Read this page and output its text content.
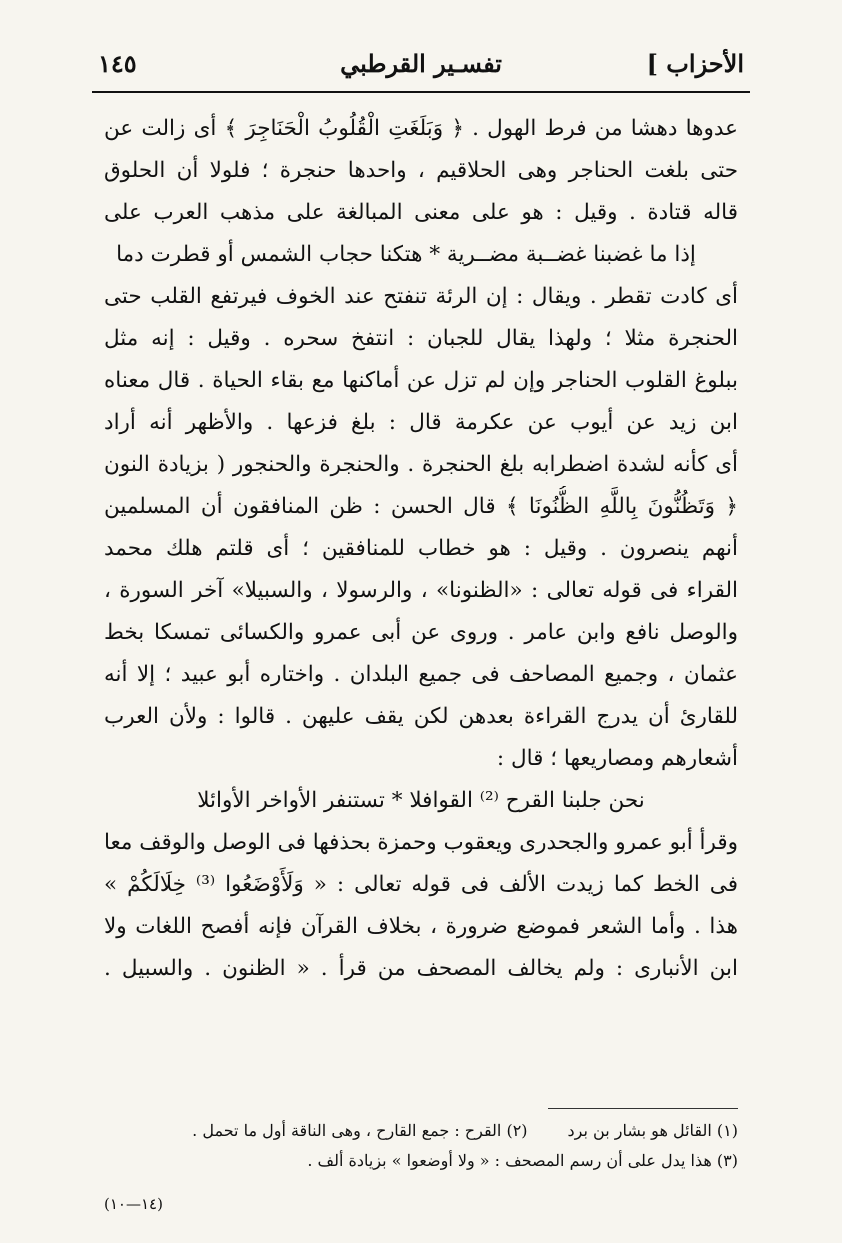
الأحزاب ]
تفسـير القرطبي
١٤٥
عدوها دهشا من فرط الهول . ﴿ وَبَلَغَتِ الْقُلُوبُ الْحَنَاجِرَ ﴾ أى زالت عن
حتى بلغت الحناجر وهى الحلاقيم ، واحدها حنجرة ؛ فلولا أن الحلوق
قاله قتادة . وقيل : هو على معنى المبالغة على مذهب العرب على
إذا ما غضبنا غضــبة مضــرية * هتكنا حجاب الشمس أو قطرت دما
أى كادت تقطر . ويقال : إن الرئة تنفتح عند الخوف فيرتفع القلب حتى
الحنجرة مثلا ؛ ولهذا يقال للجبان : انتفخ سحره . وقيل : إنه مثل
ببلوغ القلوب الحناجر وإن لم تزل عن أماكنها مع بقاء الحياة . قال معناه
ابن زيد عن أيوب عن عكرمة قال : بلغ فزعها . والأظهر أنه أراد
أى كأنه لشدة اضطرابه بلغ الحنجرة . والحنجرة والحنجور ( بزيادة النون
﴿ وَتَظُنُّونَ بِاللَّهِ الظُّنُونَا ﴾ قال الحسن : ظن المنافقون أن المسلمين
أنهم ينصرون . وقيل : هو خطاب للمنافقين ؛ أى قلتم هلك محمد
القراء فى قوله تعالى : «الظنونا» ، والرسولا ، والسبيلا» آخر السورة ،
والوصل نافع وابن عامر . وروى عن أبى عمرو والكسائى تمسكا بخط
عثمان ، وجميع المصاحف فى جميع البلدان . واختاره أبو عبيد ؛ إلا أنه
للقارئ أن يدرج القراءة بعدهن لكن يقف عليهن . قالوا : ولأن العرب
أشعارهم ومصاريعها ؛ قال :
نحن جلبنا القرح ⁽²⁾ القوافلا * تستنفر الأواخر الأوائلا
وقرأ أبو عمرو والجحدرى ويعقوب وحمزة بحذفها فى الوصل والوقف معا
فى الخط كما زيدت الألف فى قوله تعالى : « وَلَأَوْضَعُوا ⁽³⁾ خِلَالَكُمْ »
هذا . وأما الشعر فموضع ضرورة ، بخلاف القرآن فإنه أفصح اللغات ولا
ابن الأنبارى : ولم يخالف المصحف من قرأ . « الظنون . والسبيل .
(١) القائل هو بشار بن برد
(٢) القرح : جمع القارح ، وهى الناقة أول ما تحمل .
(٣) هذا يدل على أن رسم المصحف : « ولا أوضعوا » بزيادة ألف .
(١٤—١٠)
